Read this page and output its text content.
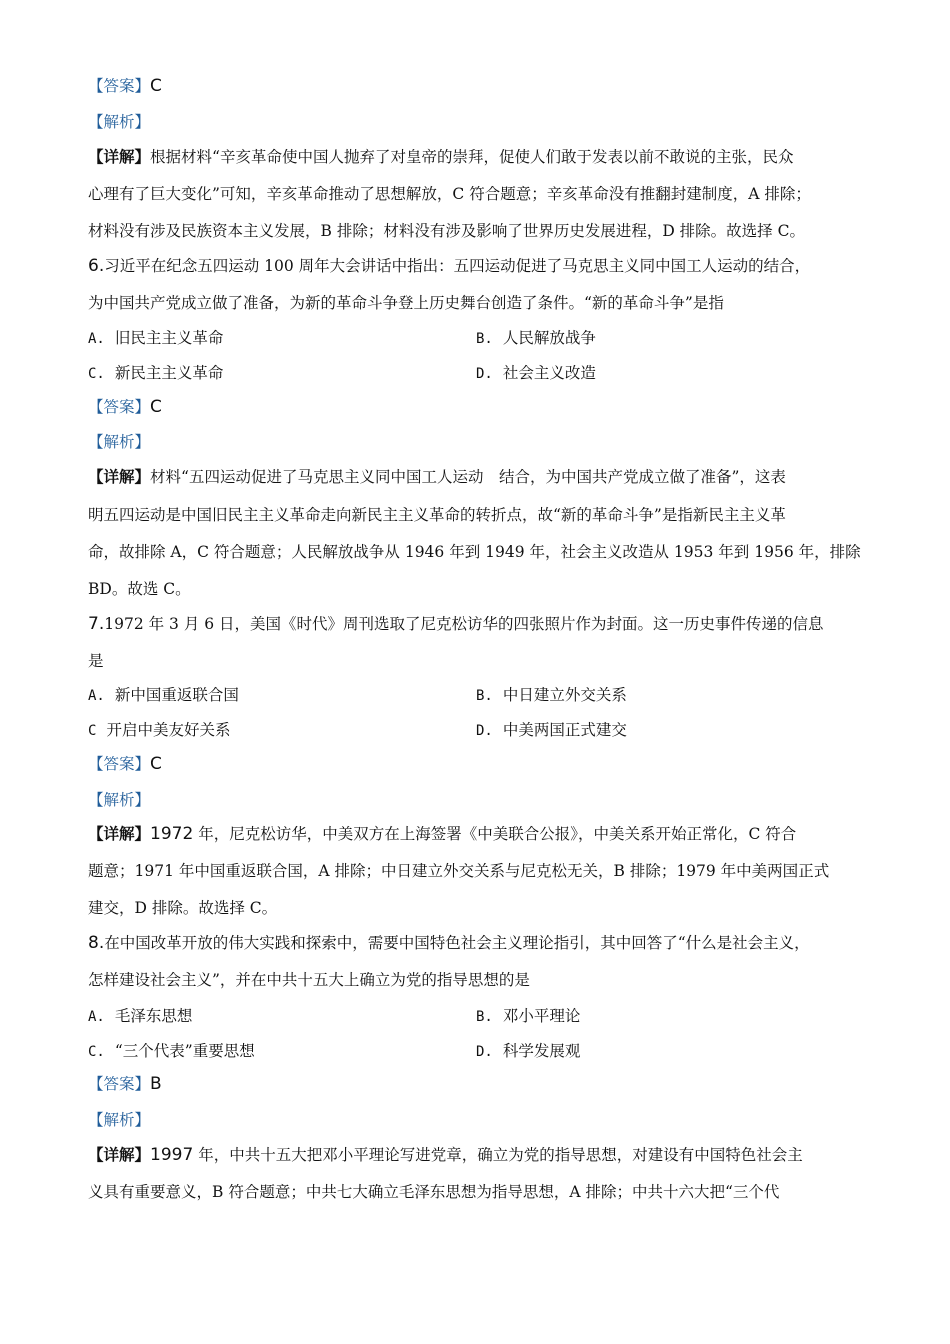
【答案】C
【解析】
【详解】根据材料“辛亥革命使中国人抛弃了对皇帝的崇拜，促使人们敢于发表以前不敢说的主张，民众
心理有了巨大变化”可知，辛亥革命推动了思想解放，C 符合题意；辛亥革命没有推翻封建制度，A 排除；
材料没有涉及民族资本主义发展，B 排除；材料没有涉及影响了世界历史发展进程，D 排除。故选择 C。
6.习近平在纪念五四运动 100 周年大会讲话中指出：五四运动促进了马克思主义同中国工人运动的结合，
为中国共产党成立做了准备，为新的革命斗争登上历史舞台创造了条件。“新的革命斗争”是指
A. 旧民主主义革命	B. 人民解放战争
C. 新民主主义革命	D. 社会主义改造
【答案】C
【解析】
【详解】材料“五四运动促进了马克思主义同中国工人运动　结合，为中国共产党成立做了准备”，这表
明五四运动是中国旧民主主义革命走向新民主主义革命的转折点，故“新的革命斗争”是指新民主主义革
命，故排除 A，C 符合题意；人民解放战争从 1946 年到 1949 年，社会主义改造从 1953 年到 1956 年，排除
BD。故选 C。
7.1972 年 3 月 6 日，美国《时代》周刊选取了尼克松访华的四张照片作为封面。这一历史事件传递的信息
是
A. 新中国重返联合国	B. 中日建立外交关系
C 开启中美友好关系	D. 中美两国正式建交
【答案】C
【解析】
【详解】1972 年，尼克松访华，中美双方在上海签署《中美联合公报》，中美关系开始正常化，C 符合
题意；1971 年中国重返联合国，A 排除；中日建立外交关系与尼克松无关，B 排除；1979 年中美两国正式
建交，D 排除。故选择 C。
8.在中国改革开放的伟大实践和探索中，需要中国特色社会主义理论指引，其中回答了“什么是社会主义，
怎样建设社会主义”，并在中共十五大上确立为党的指导思想的是
A. 毛泽东思想	B. 邓小平理论
C. “三个代表”重要思想	D. 科学发展观
【答案】B
【解析】
【详解】1997 年，中共十五大把邓小平理论写进党章，确立为党的指导思想，对建设有中国特色社会主
义具有重要意义，B 符合题意；中共七大确立毛泽东思想为指导思想，A 排除；中共十六大把“三个代
